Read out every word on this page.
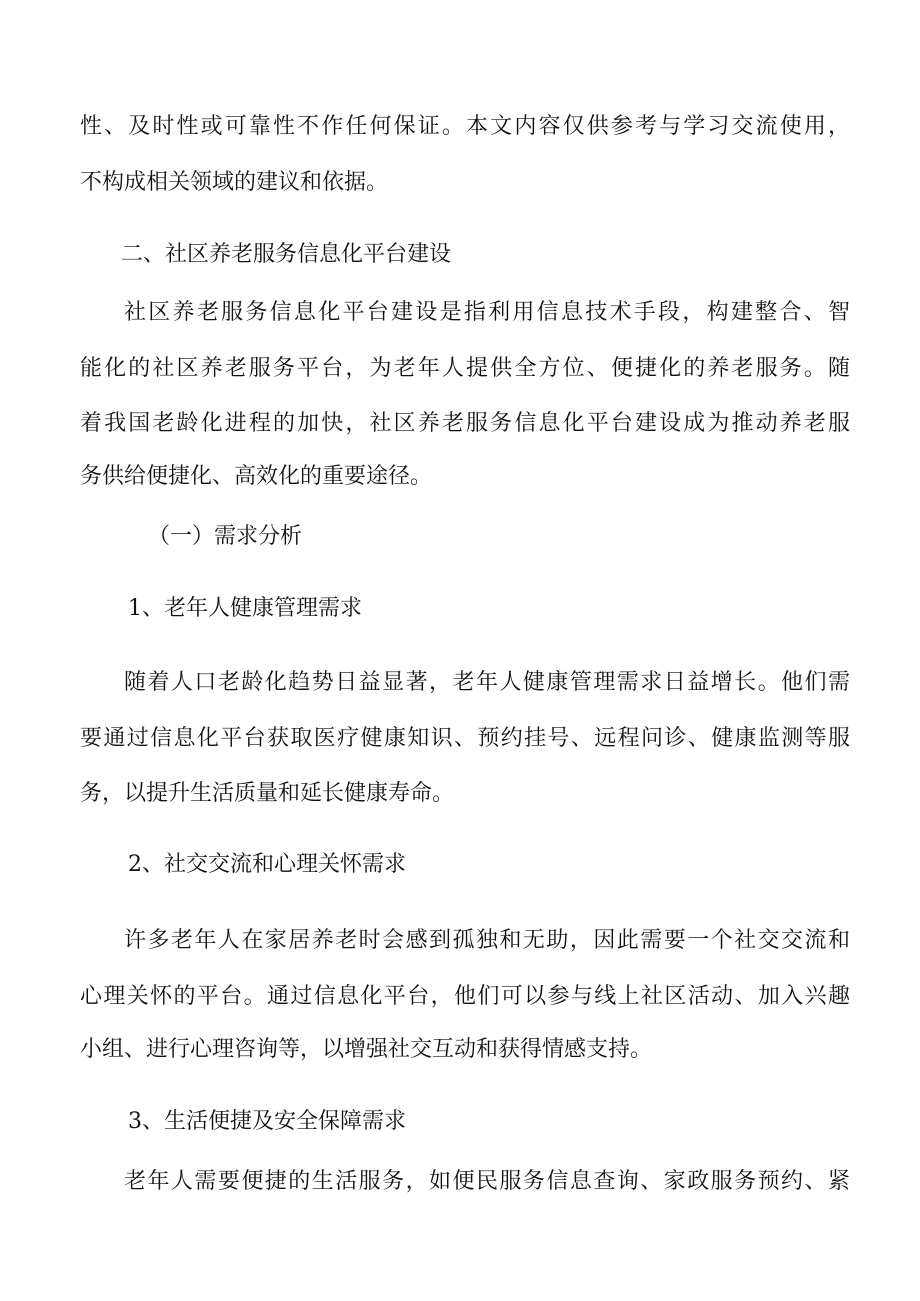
性、及时性或可靠性不作任何保证。本文内容仅供参考与学习交流使用，
不构成相关领域的建议和依据。
二、社区养老服务信息化平台建设
社区养老服务信息化平台建设是指利用信息技术手段，构建整合、智
能化的社区养老服务平台，为老年人提供全方位、便捷化的养老服务。随
着我国老龄化进程的加快，社区养老服务信息化平台建设成为推动养老服
务供给便捷化、高效化的重要途径。
（一）需求分析
1、老年人健康管理需求
随着人口老龄化趋势日益显著，老年人健康管理需求日益增长。他们需
要通过信息化平台获取医疗健康知识、预约挂号、远程问诊、健康监测等服
务，以提升生活质量和延长健康寿命。
2、社交交流和心理关怀需求
许多老年人在家居养老时会感到孤独和无助，因此需要一个社交交流和
心理关怀的平台。通过信息化平台，他们可以参与线上社区活动、加入兴趣
小组、进行心理咨询等，以增强社交互动和获得情感支持。
3、生活便捷及安全保障需求
老年人需要便捷的生活服务，如便民服务信息查询、家政服务预约、紧
